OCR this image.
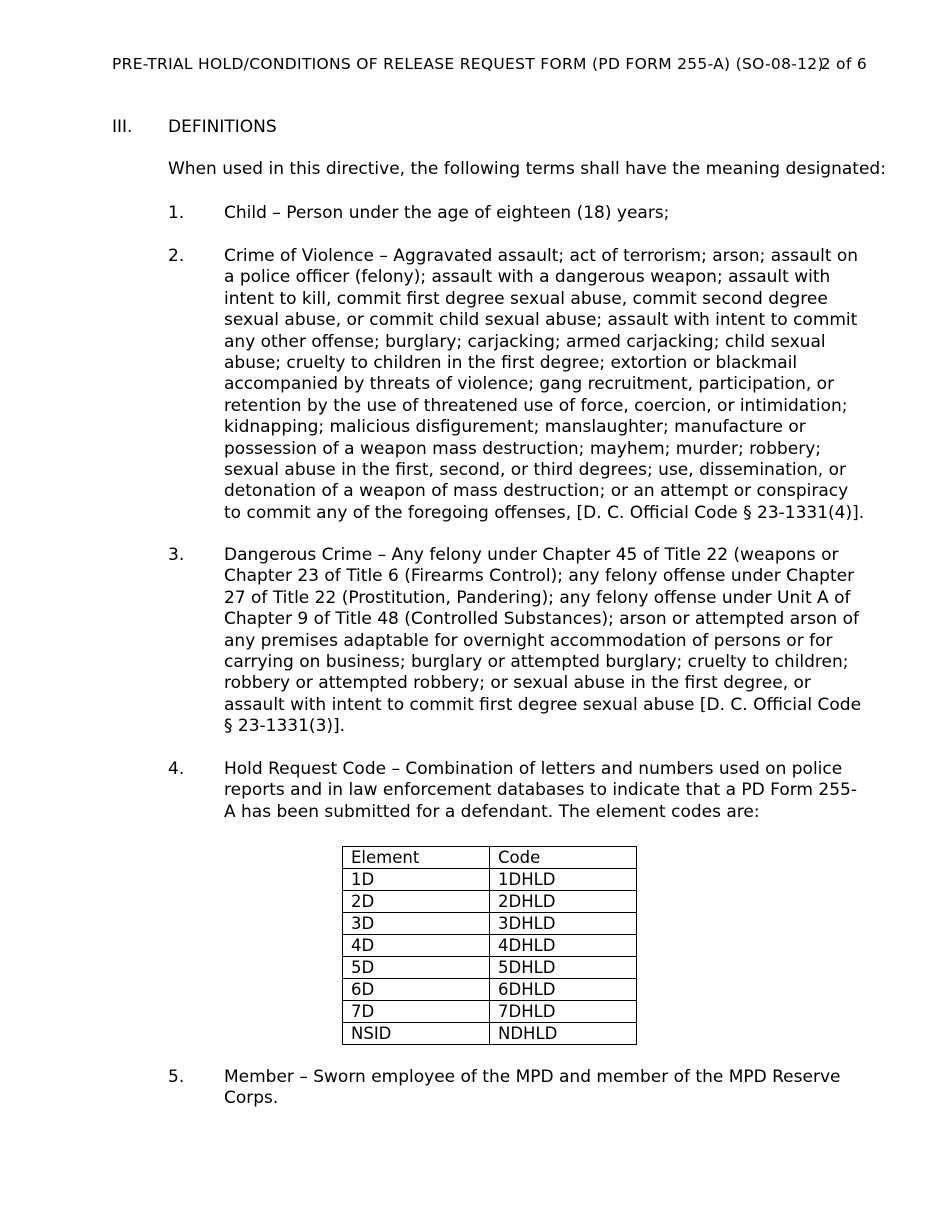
PRE-TRIAL HOLD/CONDITIONS OF RELEASE REQUEST FORM (PD FORM 255-A) (SO-08-12)
2 of 6
III. DEFINITIONS
When used in this directive, the following terms shall have the meaning designated:
1. Child – Person under the age of eighteen (18) years;
2. Crime of Violence – Aggravated assault; act of terrorism; arson; assault on a police officer (felony); assault with a dangerous weapon; assault with intent to kill, commit first degree sexual abuse, commit second degree sexual abuse, or commit child sexual abuse; assault with intent to commit any other offense; burglary; carjacking; armed carjacking; child sexual abuse; cruelty to children in the first degree; extortion or blackmail accompanied by threats of violence; gang recruitment, participation, or retention by the use of threatened use of force, coercion, or intimidation; kidnapping; malicious disfigurement; manslaughter; manufacture or possession of a weapon mass destruction; mayhem; murder; robbery; sexual abuse in the first, second, or third degrees; use, dissemination, or detonation of a weapon of mass destruction; or an attempt or conspiracy to commit any of the foregoing offenses, [D. C. Official Code § 23-1331(4)].
3. Dangerous Crime – Any felony under Chapter 45 of Title 22 (weapons or Chapter 23 of Title 6 (Firearms Control); any felony offense under Chapter 27 of Title 22 (Prostitution, Pandering); any felony offense under Unit A of Chapter 9 of Title 48 (Controlled Substances); arson or attempted arson of any premises adaptable for overnight accommodation of persons or for carrying on business; burglary or attempted burglary; cruelty to children; robbery or attempted robbery; or sexual abuse in the first degree, or assault with intent to commit first degree sexual abuse [D. C. Official Code § 23-1331(3)].
4. Hold Request Code – Combination of letters and numbers used on police reports and in law enforcement databases to indicate that a PD Form 255-A has been submitted for a defendant. The element codes are:
Element	Code
1D	1DHLD
2D	2DHLD
3D	3DHLD
4D	4DHLD
5D	5DHLD
6D	6DHLD
7D	7DHLD
NSID	NDHLD
5. Member – Sworn employee of the MPD and member of the MPD Reserve Corps.
